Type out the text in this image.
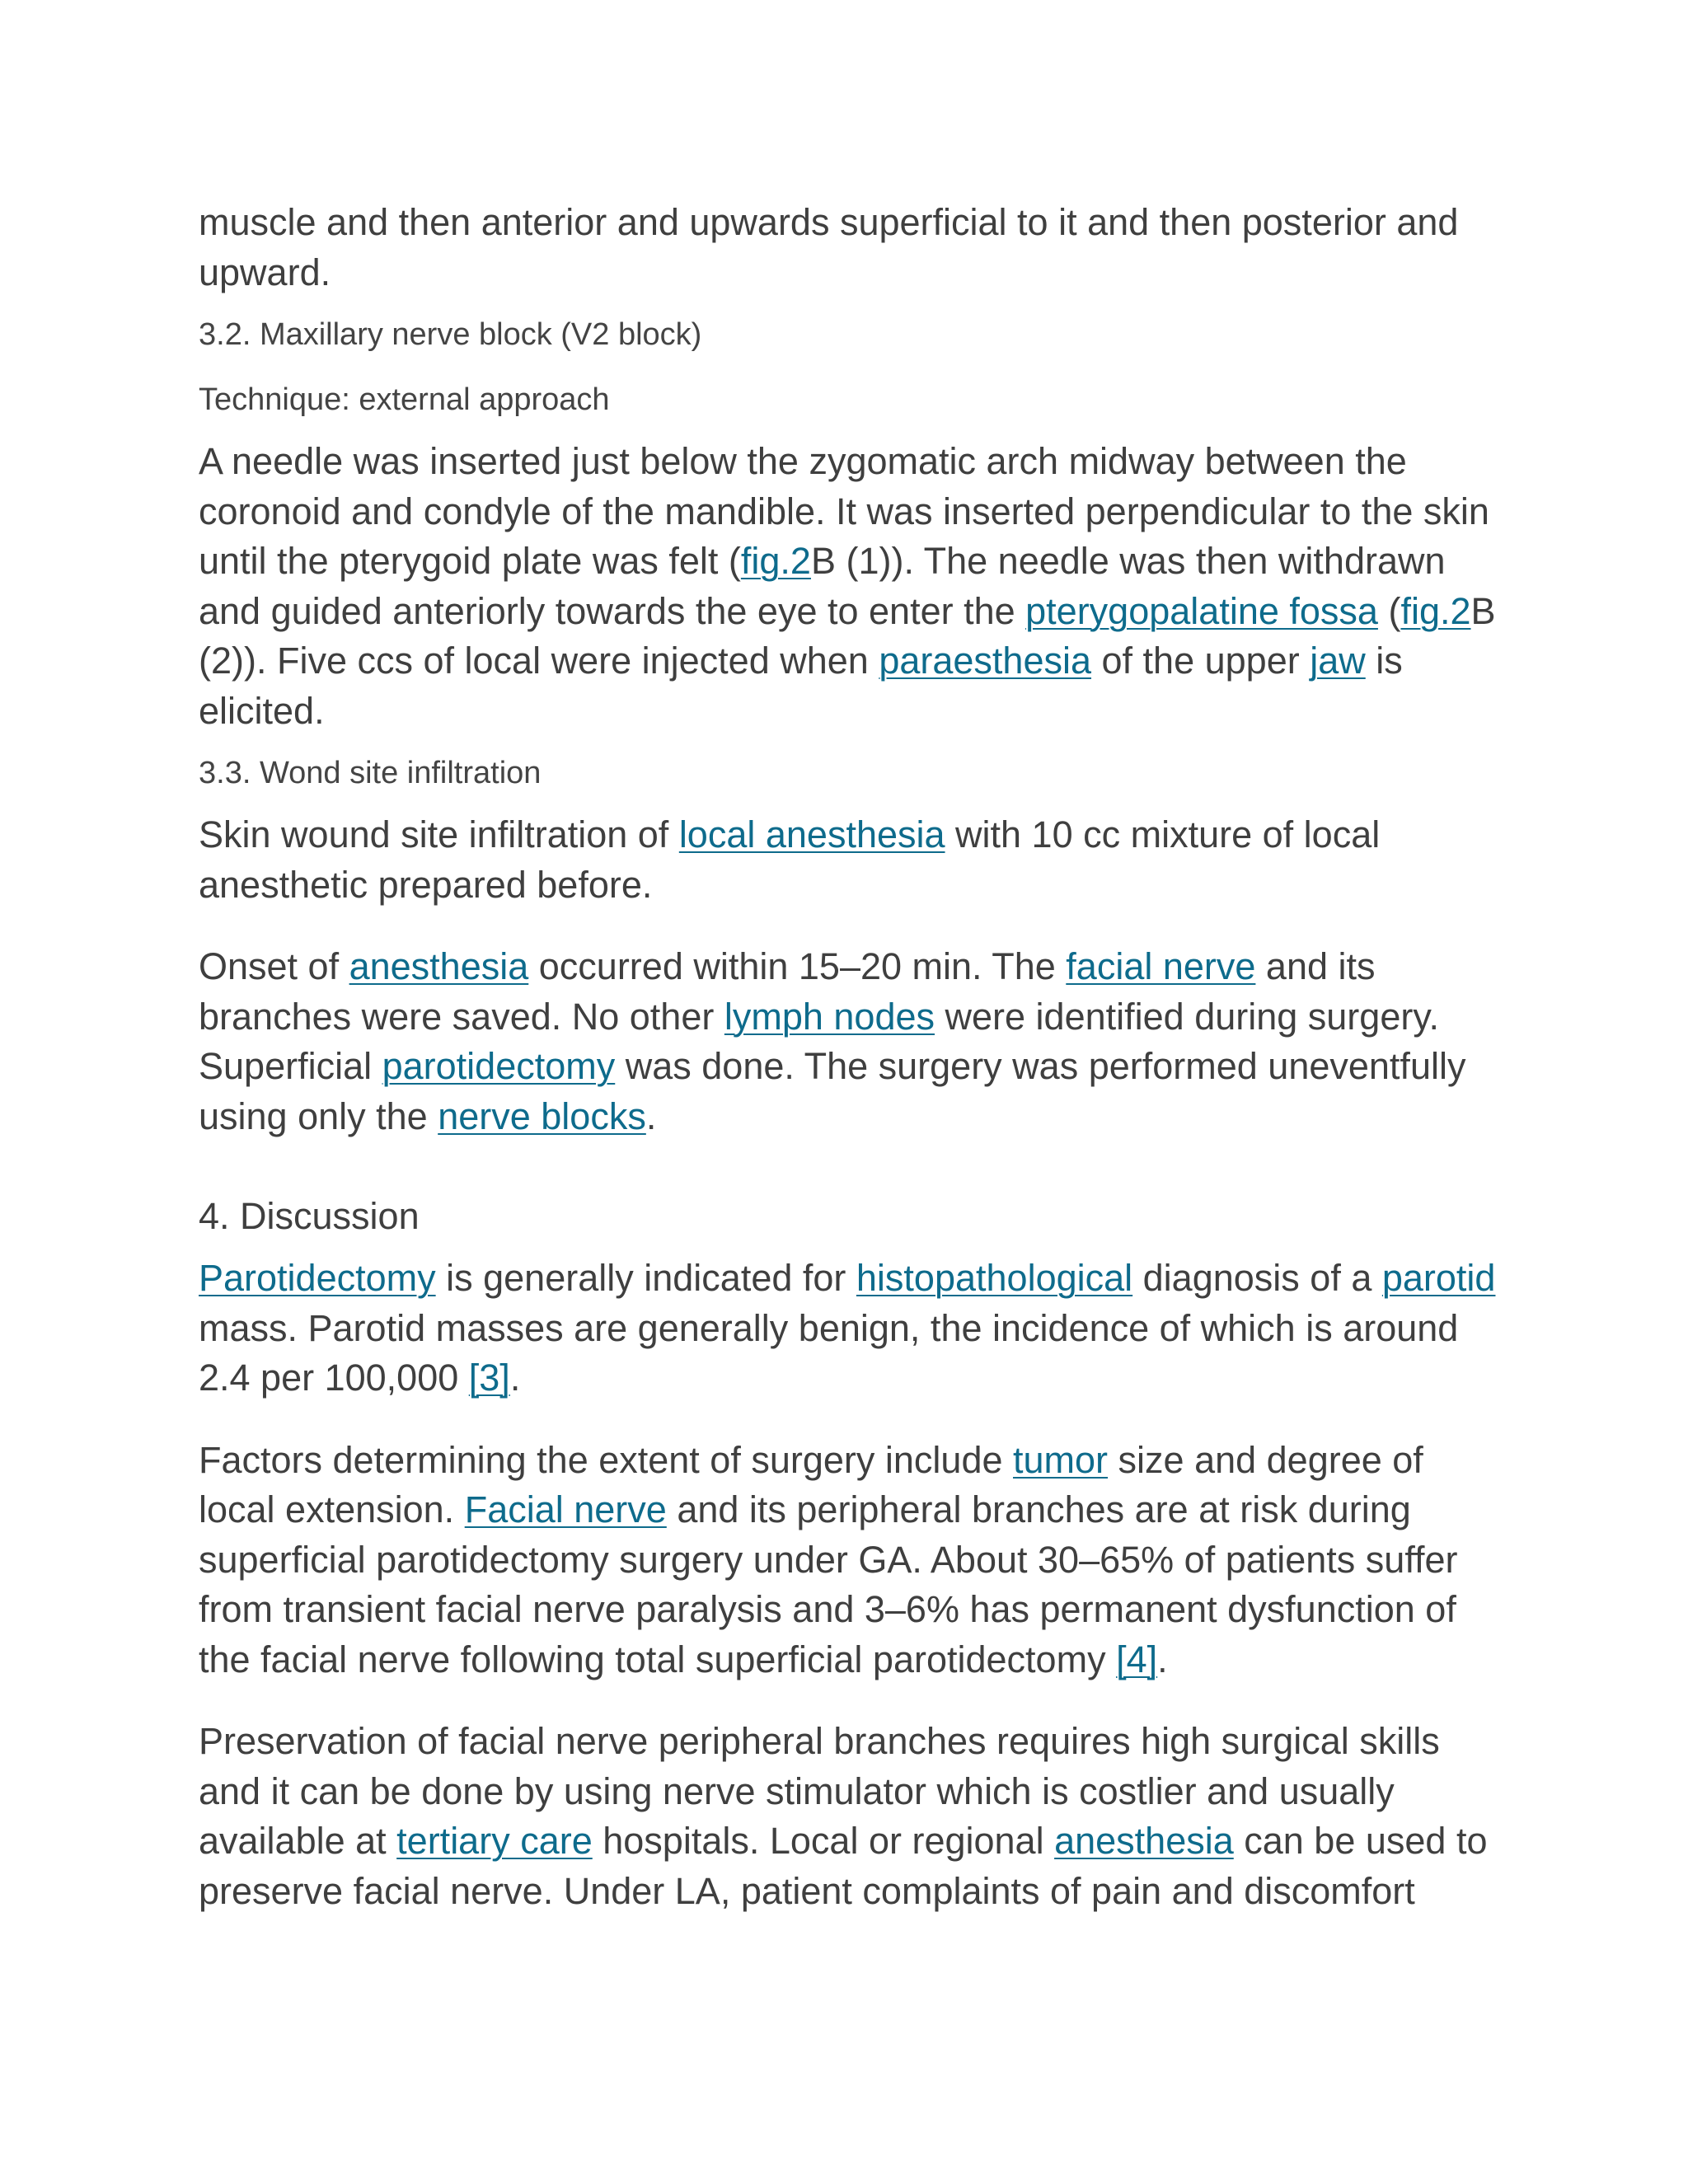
muscle and then anterior and upwards superficial to it and then posterior and upward.

3.2. Maxillary nerve block (V2 block)

Technique: external approach

A needle was inserted just below the zygomatic arch midway between the coronoid and condyle of the mandible. It was inserted perpendicular to the skin until the pterygoid plate was felt (fig.2B (1)). The needle was then withdrawn and guided anteriorly towards the eye to enter the pterygopalatine fossa (fig.2B (2)). Five ccs of local were injected when paraesthesia of the upper jaw is elicited.

3.3. Wond site infiltration

Skin wound site infiltration of local anesthesia with 10 cc mixture of local anesthetic prepared before.

Onset of anesthesia occurred within 15–20 min. The facial nerve and its branches were saved. No other lymph nodes were identified during surgery. Superficial parotidectomy was done. The surgery was performed uneventfully using only the nerve blocks.

4. Discussion

Parotidectomy is generally indicated for histopathological diagnosis of a parotid mass. Parotid masses are generally benign, the incidence of which is around 2.4 per 100,000 [3].

Factors determining the extent of surgery include tumor size and degree of local extension. Facial nerve and its peripheral branches are at risk during superficial parotidectomy surgery under GA. About 30–65% of patients suffer from transient facial nerve paralysis and 3–6% has permanent dysfunction of the facial nerve following total superficial parotidectomy [4].

Preservation of facial nerve peripheral branches requires high surgical skills and it can be done by using nerve stimulator which is costlier and usually available at tertiary care hospitals. Local or regional anesthesia can be used to preserve facial nerve. Under LA, patient complaints of pain and discomfort
